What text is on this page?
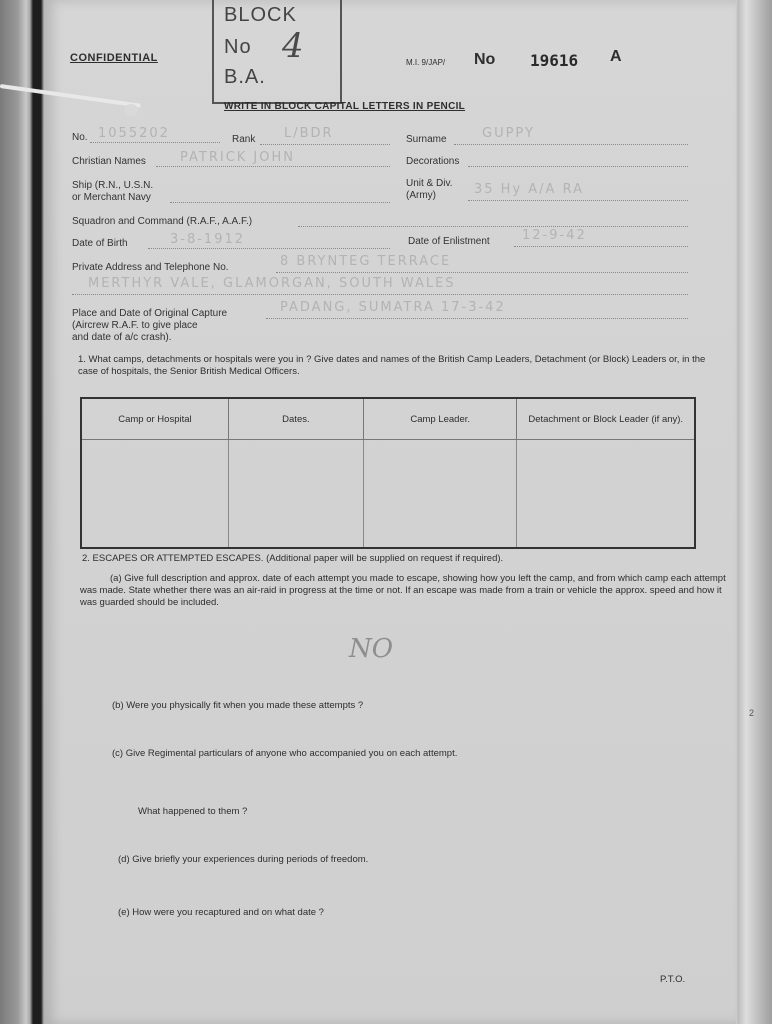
2
BLOCK
No
B.A.
4
CONFIDENTIAL	M.I. 9/JAP/ No 19616 A
WRITE IN BLOCK CAPITAL LETTERS IN PENCIL
No. 1055202	Rank L/BDR	Surname	GUPPY
Christian Names	PATRICK JOHN	Decorations
Ship (R.N., U.S.N.
or Merchant Navy
Unit & Div.
(Army)	35 Hy A/A RA
Squadron and Command (R.A.F., A.A.F.)
Date of Birth	3-8-1912	Date of Enlistment 12-9-42
Private Address and Telephone No.	8 BRYNTEG TERRACE
MERTHYR VALE, GLAMORGAN, SOUTH WALES
Place and Date of Original Capture
(Aircrew R.A.F. to give place
and date of a/c crash).
PADANG, SUMATRA 17-3-42
1. What camps, detachments or hospitals were you in ? Give dates and names of the British Camp Leaders, Detachment (or Block) Leaders or, in the case of hospitals, the Senior British Medical Officers.
Camp or Hospital	Dates.	Camp Leader.	Detachment or Block Leader (if any).

2. ESCAPES OR ATTEMPTED ESCAPES. (Additional paper will be supplied on request if required).
(a) Give full description and approx. date of each attempt you made to escape, showing how you left the camp, and from which camp each attempt was made. State whether there was an air-raid in progress at the time or not. If an escape was made from a train or vehicle the approx. speed and how it was guarded should be included.
NO
(b) Were you physically fit when you made these attempts ?
(c) Give Regimental particulars of anyone who accompanied you on each attempt.
What happened to them ?
(d) Give briefly your experiences during periods of freedom.
(e) How were you recaptured and on what date ?
P.T.O.
